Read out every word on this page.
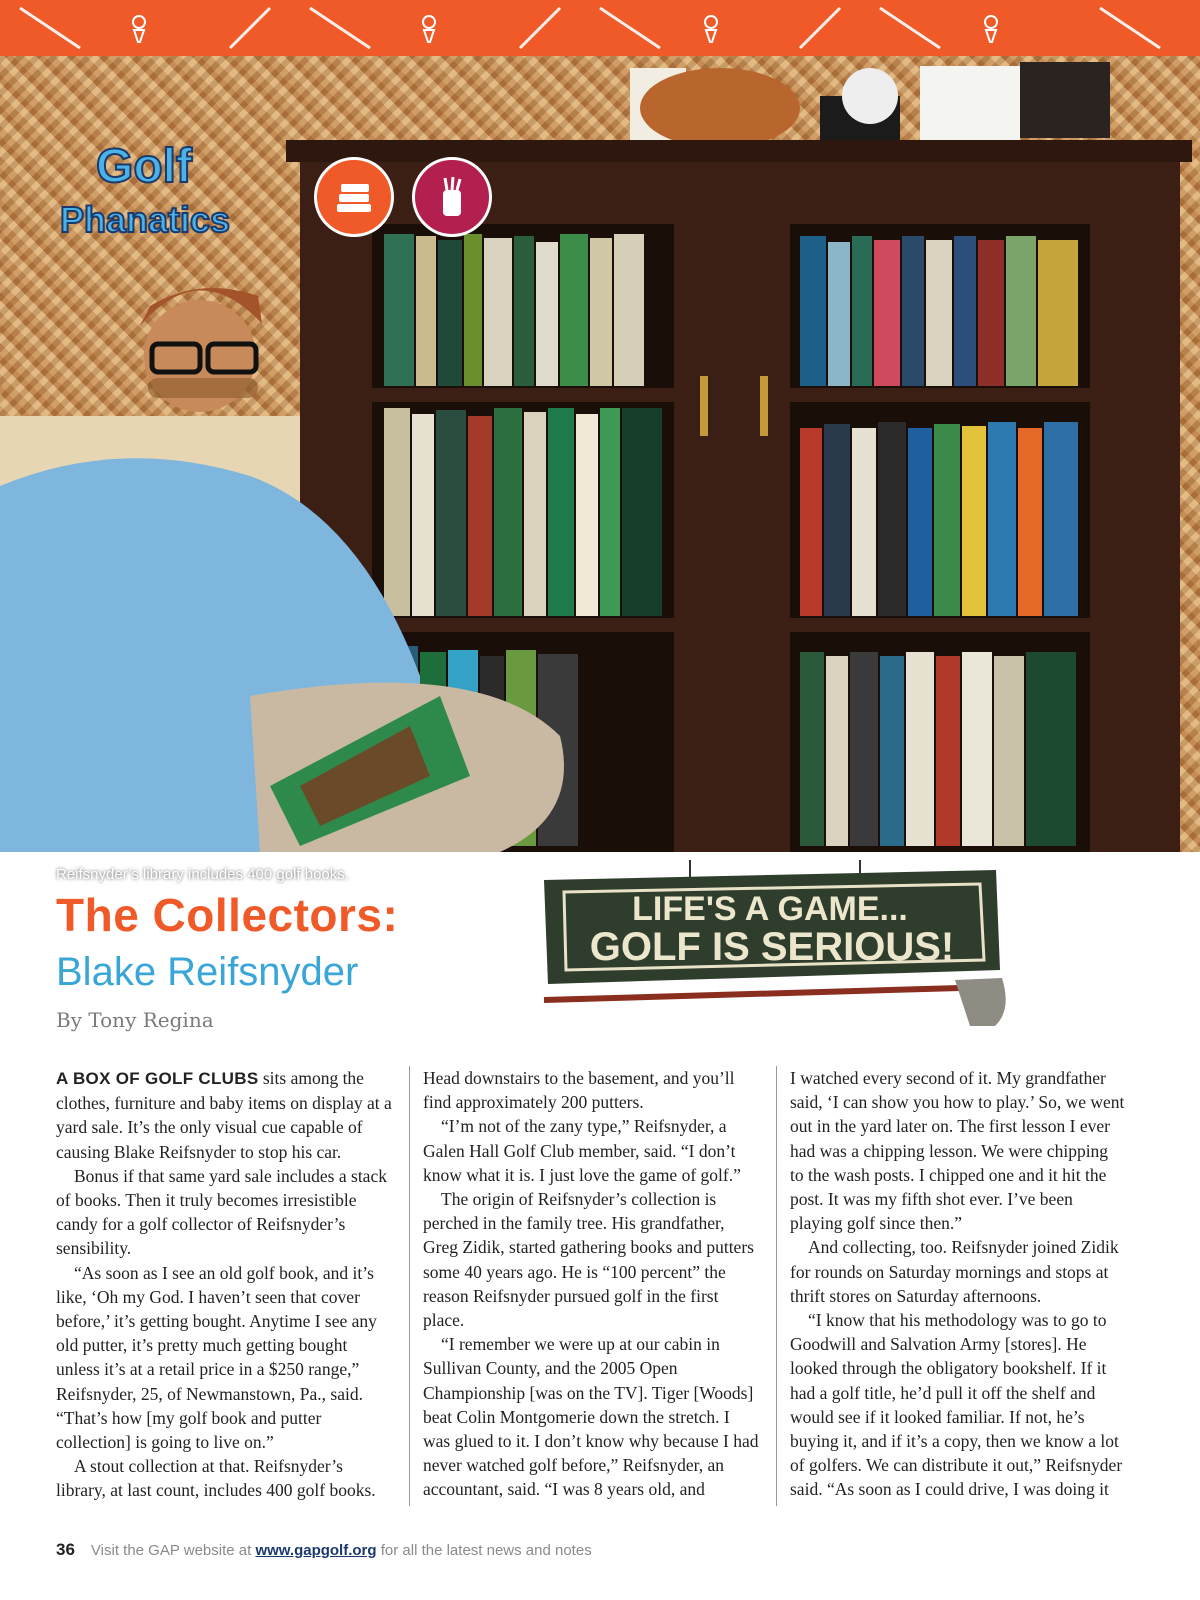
Golf
Phanatics
Reifsnyder’s library includes 400 golf books.
The Collectors:
Blake Reifsnyder
By Tony Regina
LIFE'S A GAME...
GOLF IS SERIOUS!

A BOX OF GOLF CLUBS sits among the clothes, furniture and baby items on display at a yard sale. It’s the only visual cue capable of causing Blake Reifsnyder to stop his car.

Bonus if that same yard sale includes a stack of books. Then it truly becomes irresistible candy for a golf collector of Reifsnyder’s sensibility.

“As soon as I see an old golf book, and it’s like, ‘Oh my God. I haven’t seen that cover before,’ it’s getting bought. Anytime I see any old putter, it’s pretty much getting bought unless it’s at a retail price in a $250 range,” Reifsnyder, 25, of Newmanstown, Pa., said. “That’s how [my golf book and putter collection] is going to live on.”

A stout collection at that. Reifsnyder’s library, at last count, includes 400 golf books.

Head downstairs to the basement, and you’ll find approximately 200 putters.

“I’m not of the zany type,” Reifsnyder, a Galen Hall Golf Club member, said. “I don’t know what it is. I just love the game of golf.”

The origin of Reifsnyder’s collection is perched in the family tree. His grandfather, Greg Zidik, started gathering books and putters some 40 years ago. He is “100 percent” the reason Reifsnyder pursued golf in the first place.

“I remember we were up at our cabin in Sullivan County, and the 2005 Open Championship [was on the TV]. Tiger [Woods] beat Colin Montgomerie down the stretch. I was glued to it. I don’t know why because I had never watched golf before,” Reifsnyder, an accountant, said. “I was 8 years old, and

I watched every second of it. My grandfather said, ‘I can show you how to play.’ So, we went out in the yard later on. The first lesson I ever had was a chipping lesson. We were chipping to the wash posts. I chipped one and it hit the post. It was my fifth shot ever. I’ve been playing golf since then.”

And collecting, too. Reifsnyder joined Zidik for rounds on Saturday mornings and stops at thrift stores on Saturday afternoons.

“I know that his methodology was to go to Goodwill and Salvation Army [stores]. He looked through the obligatory bookshelf. If it had a golf title, he’d pull it off the shelf and would see if it looked familiar. If not, he’s buying it, and if it’s a copy, then we know a lot of golfers. We can distribute it out,” Reifsnyder said. “As soon as I could drive, I was doing it

36 Visit the GAP website at www.gapgolf.org for all the latest news and notes
